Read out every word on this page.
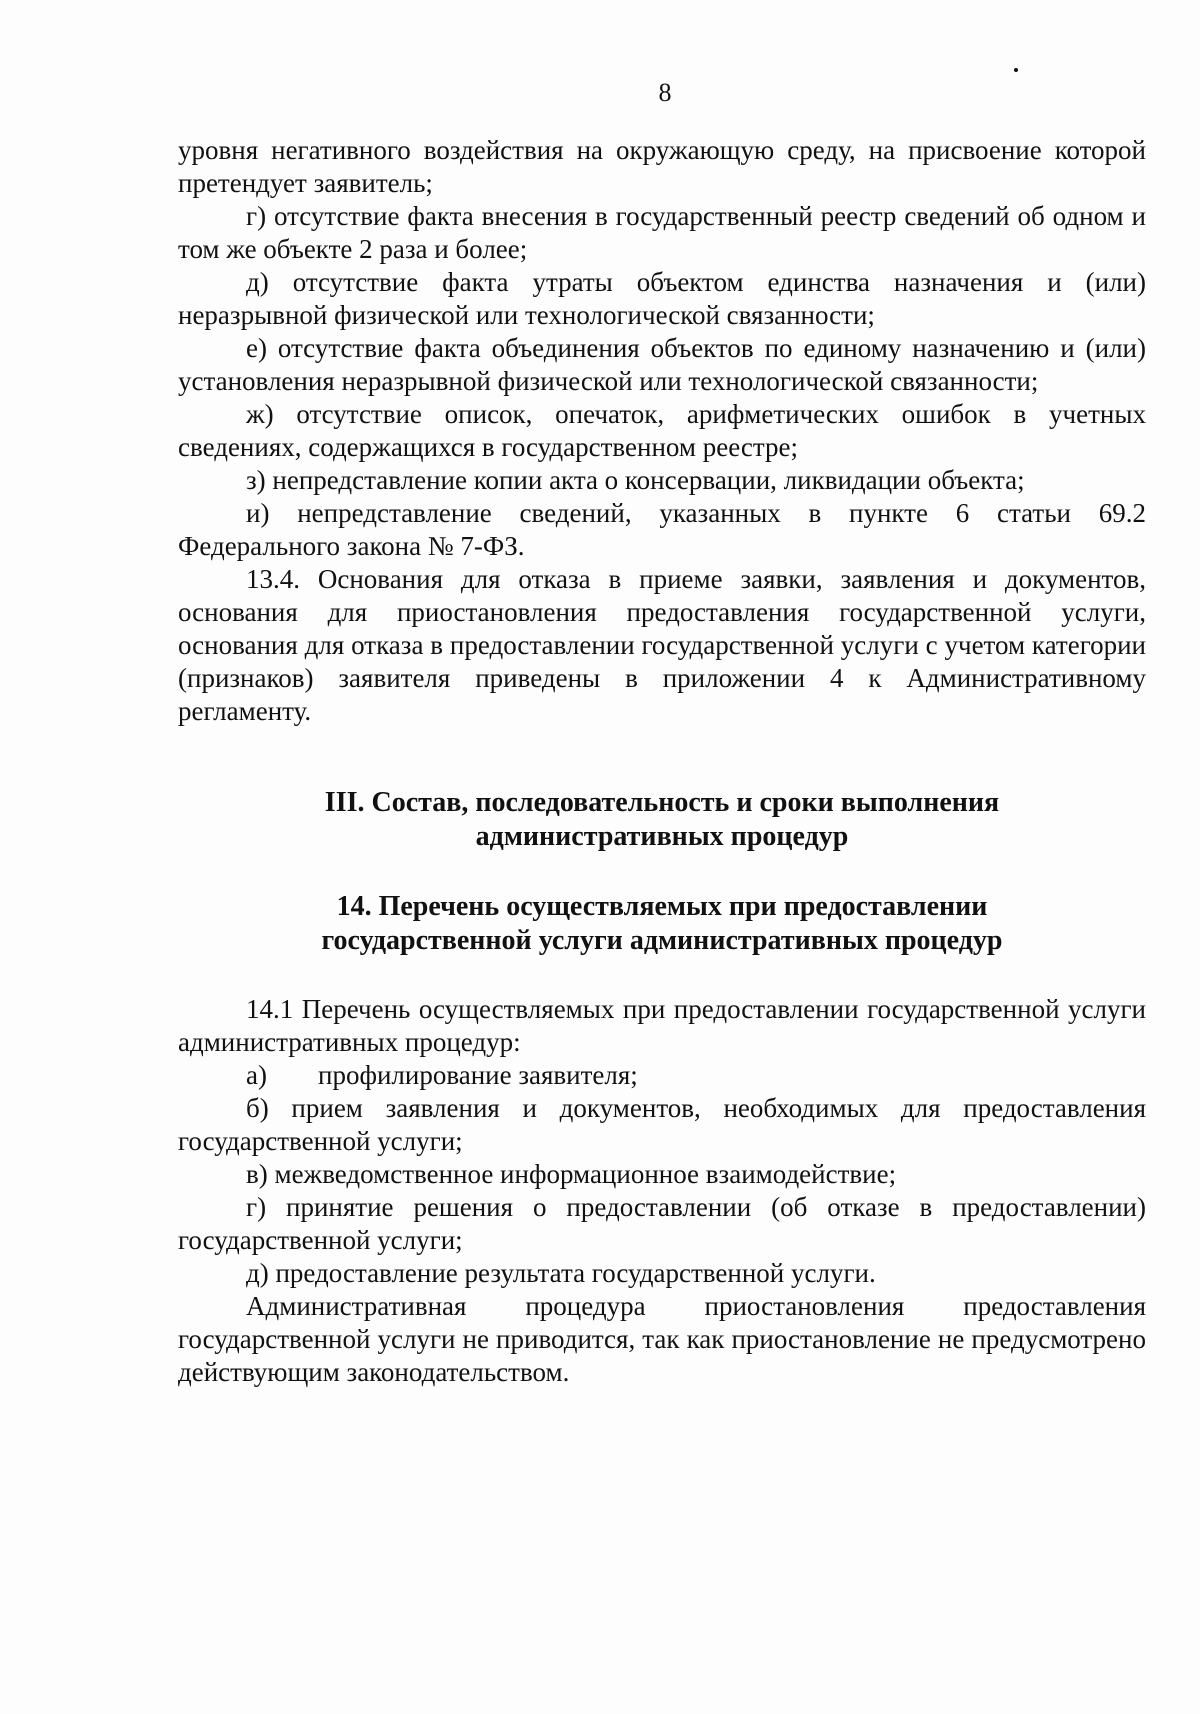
8

уровня негативного воздействия на окружающую среду, на присвоение которой претендует заявитель;

г) отсутствие факта внесения в государственный реестр сведений об одном и том же объекте 2 раза и более;

д) отсутствие факта утраты объектом единства назначения и (или) неразрывной физической или технологической связанности;

е) отсутствие факта объединения объектов по единому назначению и (или) установления неразрывной физической или технологической связанности;

ж) отсутствие описок, опечаток, арифметических ошибок в учетных сведениях, содержащихся в государственном реестре;

з) непредставление копии акта о консервации, ликвидации объекта;

и) непредставление сведений, указанных в пункте 6 статьи 69.2 Федерального закона № 7-ФЗ.

13.4. Основания для отказа в приеме заявки, заявления и документов, основания для приостановления предоставления государственной услуги, основания для отказа в предоставлении государственной услуги с учетом категории (признаков) заявителя приведены в приложении 4 к Административному регламенту.

III. Состав, последовательность и сроки выполнения
административных процедур
14. Перечень осуществляемых при предоставлении
государственной услуги административных процедур

14.1 Перечень осуществляемых при предоставлении государственной услуги административных процедур:

а) профилирование заявителя;

б) прием заявления и документов, необходимых для предоставления государственной услуги;

в) межведомственное информационное взаимодействие;

г) принятие решения о предоставлении (об отказе в предоставлении) государственной услуги;

д) предоставление результата государственной услуги.

Административная процедура приостановления предоставления государственной услуги не приводится, так как приостановление не предусмотрено действующим законодательством.
